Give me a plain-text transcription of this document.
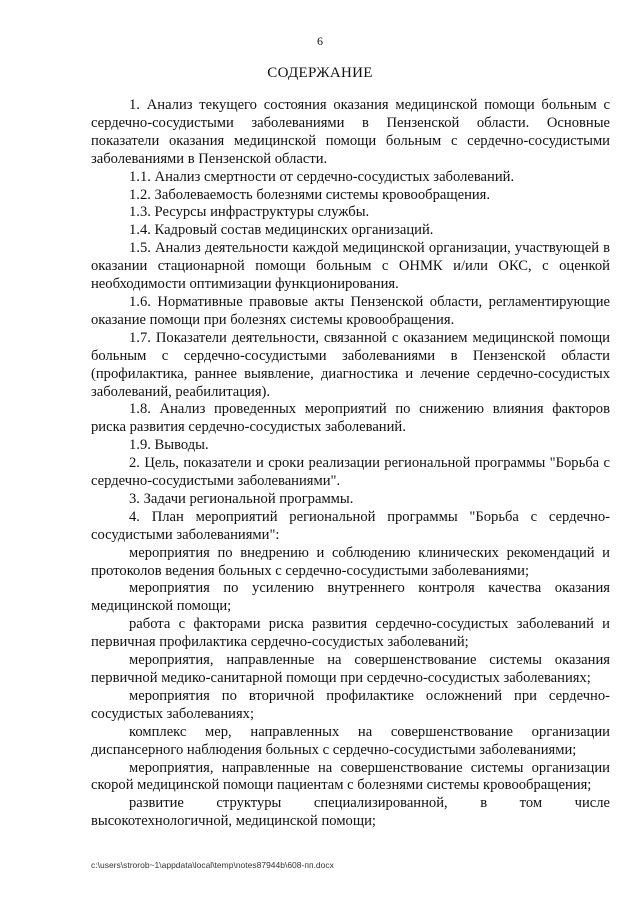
6
СОДЕРЖАНИЕ

1. Анализ текущего состояния оказания медицинской помощи больным с сердечно-сосудистыми заболеваниями в Пензенской области. Основные показатели оказания медицинской помощи больным с сердечно-сосудистыми заболеваниями в Пензенской области.

1.1. Анализ смертности от сердечно-сосудистых заболеваний.

1.2. Заболеваемость болезнями системы кровообращения.

1.3. Ресурсы инфраструктуры службы.

1.4. Кадровый состав медицинских организаций.

1.5. Анализ деятельности каждой медицинской организации, участвующей в оказании стационарной помощи больным с ОНМК и/или ОКС, с оценкой необходимости оптимизации функционирования.

1.6. Нормативные правовые акты Пензенской области, регламентирующие оказание помощи при болезнях системы кровообращения.

1.7. Показатели деятельности, связанной с оказанием медицинской помощи больным с сердечно-сосудистыми заболеваниями в Пензенской области (профилактика, раннее выявление, диагностика и лечение сердечно-сосудистых заболеваний, реабилитация).

1.8. Анализ проведенных мероприятий по снижению влияния факторов риска развития сердечно-сосудистых заболеваний.

1.9. Выводы.

2. Цель, показатели и сроки реализации региональной программы "Борьба с сердечно-сосудистыми заболеваниями".

3. Задачи региональной программы.

4. План мероприятий региональной программы "Борьба с сердечно-сосудистыми заболеваниями":

мероприятия по внедрению и соблюдению клинических рекомендаций и протоколов ведения больных с сердечно-сосудистыми заболеваниями;

мероприятия по усилению внутреннего контроля качества оказания медицинской помощи;

работа с факторами риска развития сердечно-сосудистых заболеваний и первичная профилактика сердечно-сосудистых заболеваний;

мероприятия, направленные на совершенствование системы оказания первичной медико-санитарной помощи при сердечно-сосудистых заболеваниях;

мероприятия по вторичной профилактике осложнений при сердечно-сосудистых заболеваниях;

комплекс мер, направленных на совершенствование организации диспансерного наблюдения больных с сердечно-сосудистыми заболеваниями;

мероприятия, направленные на совершенствование системы организации скорой медицинской помощи пациентам с болезнями системы кровообращения;

развитие структуры специализированной, в том числе высокотехнологичной, медицинской помощи;

c:\users\strorob~1\appdata\local\temp\notes87944b\608-пп.docx
